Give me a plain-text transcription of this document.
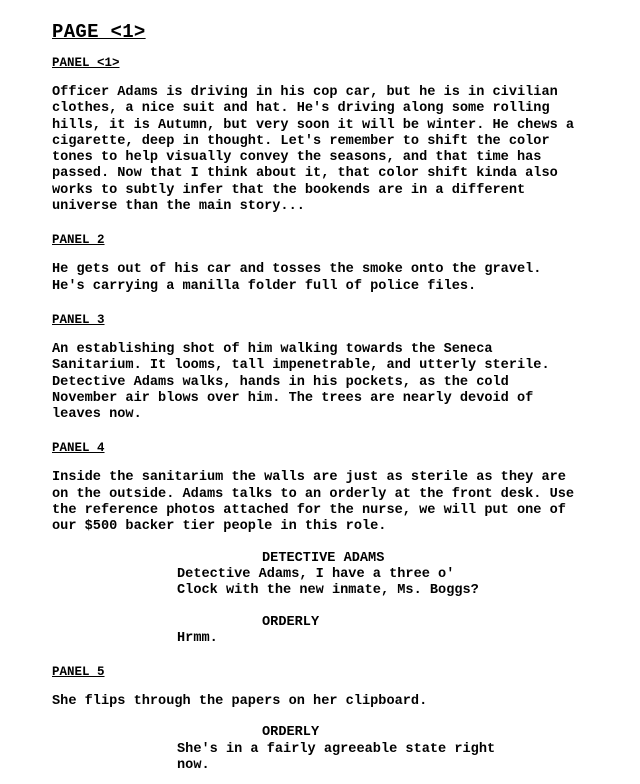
PAGE <1>
PANEL <1>
Officer Adams is driving in his cop car, but he is in civilian
clothes, a nice suit and hat. He's driving along some rolling
hills, it is Autumn, but very soon it will be winter. He chews a
cigarette, deep in thought. Let's remember to shift the color
tones to help visually convey the seasons, and that time has
passed. Now that I think about it, that color shift kinda also
works to subtly infer that the bookends are in a different
universe than the main story...
PANEL 2
He gets out of his car and tosses the smoke onto the gravel.
He's carrying a manilla folder full of police files.
PANEL 3
An establishing shot of him walking towards the Seneca
Sanitarium. It looms, tall impenetrable, and utterly sterile.
Detective Adams walks, hands in his pockets, as the cold
November air blows over him. The trees are nearly devoid of
leaves now.
PANEL 4
Inside the sanitarium the walls are just as sterile as they are
on the outside. Adams talks to an orderly at the front desk. Use
the reference photos attached for the nurse, we will put one of
our $500 backer tier people in this role.
DETECTIVE ADAMS
Detective Adams, I have a three o'
Clock with the new inmate, Ms. Boggs?
ORDERLY
Hrmm.
PANEL 5
She flips through the papers on her clipboard.
ORDERLY
She's in a fairly agreeable state right
now.
